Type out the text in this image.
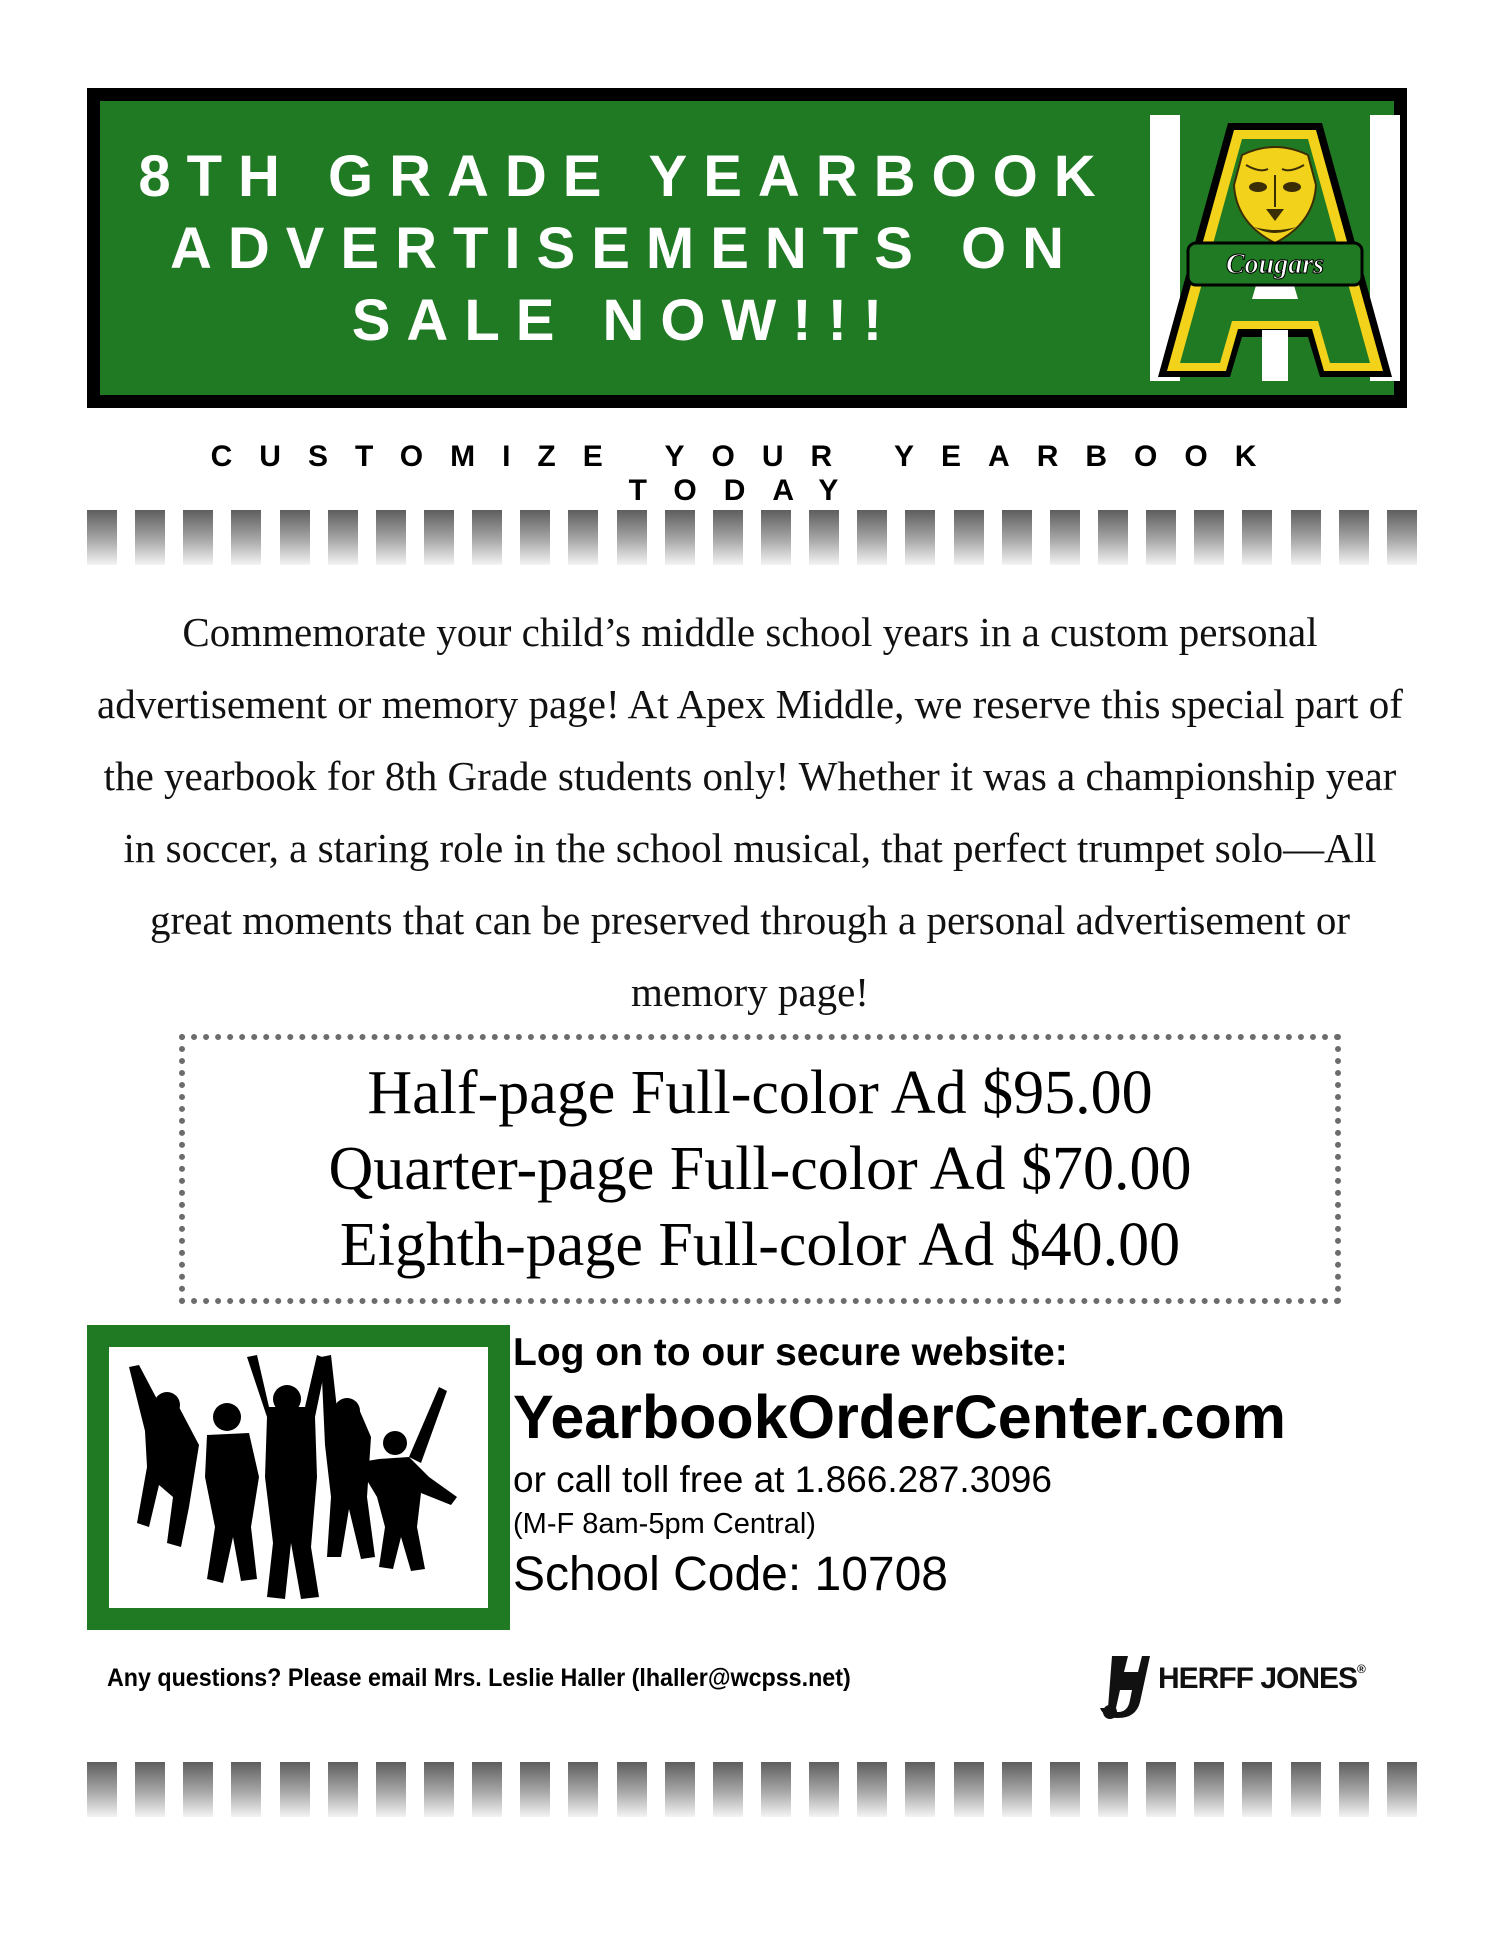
8TH GRADE YEARBOOK
ADVERTISEMENTS ON
SALE NOW!!!
Cougars
CUSTOMIZE YOUR YEARBOOK TODAY

Commemorate your child’s middle school years in a custom personal advertisement or memory page! At Apex Middle, we reserve this special part of the yearbook for 8th Grade students only! Whether it was a championship year in soccer, a staring role in the school musical, that perfect trumpet solo—All great moments that can be preserved through a personal advertisement or memory page!

Half-page Full-color Ad $95.00
Quarter-page Full-color Ad $70.00
Eighth-page Full-color Ad $40.00

Log on to our secure website:

YearbookOrderCenter.com

or call toll free at 1.866.287.3096

(M-F 8am-5pm Central)

School Code: 10708

Any questions? Please email Mrs. Leslie Haller (lhaller@wcpss.net)	HERFF JONES®
